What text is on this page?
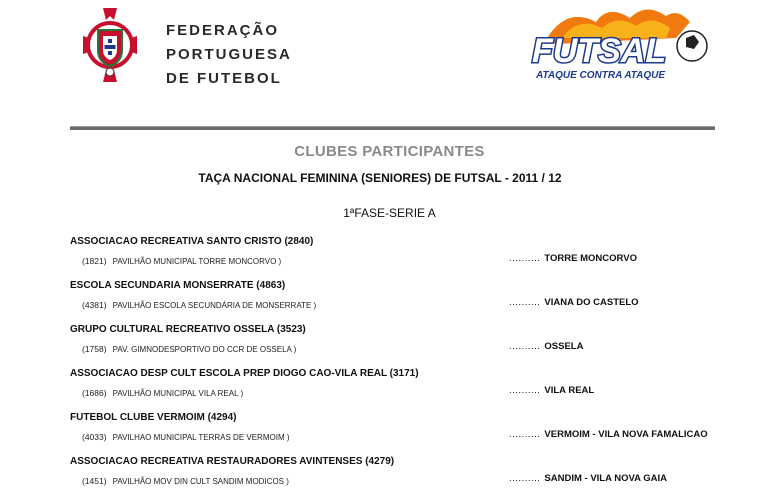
FEDERAÇÃO
PORTUGUESA
DE FUTEBOL
FUTSAL
ATAQUE CONTRA ATAQUE
CLUBES PARTICIPANTES
TAÇA NACIONAL FEMININA (SENIORES) DE FUTSAL - 2011 / 12
1ªFASE-SERIE A
ASSOCIACAO RECREATIVA SANTO CRISTO (2840)
(1821) PAVILHÃO MUNICIPAL TORRE MONCORVO )	.......... TORRE MONCORVO
ESCOLA SECUNDARIA MONSERRATE (4863)
(4381) PAVILHÃO ESCOLA SECUNDÁRIA DE MONSERRATE )	.......... VIANA DO CASTELO
GRUPO CULTURAL RECREATIVO OSSELA (3523)
(1758) PAV. GIMNODESPORTIVO DO CCR DE OSSELA )	.......... OSSELA
ASSOCIACAO DESP CULT ESCOLA PREP DIOGO CAO-VILA REAL (3171)
(1686) PAVILHÃO MUNICIPAL VILA REAL )	.......... VILA REAL
FUTEBOL CLUBE VERMOIM (4294)
(4033) PAVILHAO MUNICIPAL TERRAS DE VERMOIM )	.......... VERMOIM - VILA NOVA FAMALICAO
ASSOCIACAO RECREATIVA RESTAURADORES AVINTENSES (4279)
(1451) PAVILHÃO MOV DIN CULT SANDIM MODICOS )	.......... SANDIM - VILA NOVA GAIA
